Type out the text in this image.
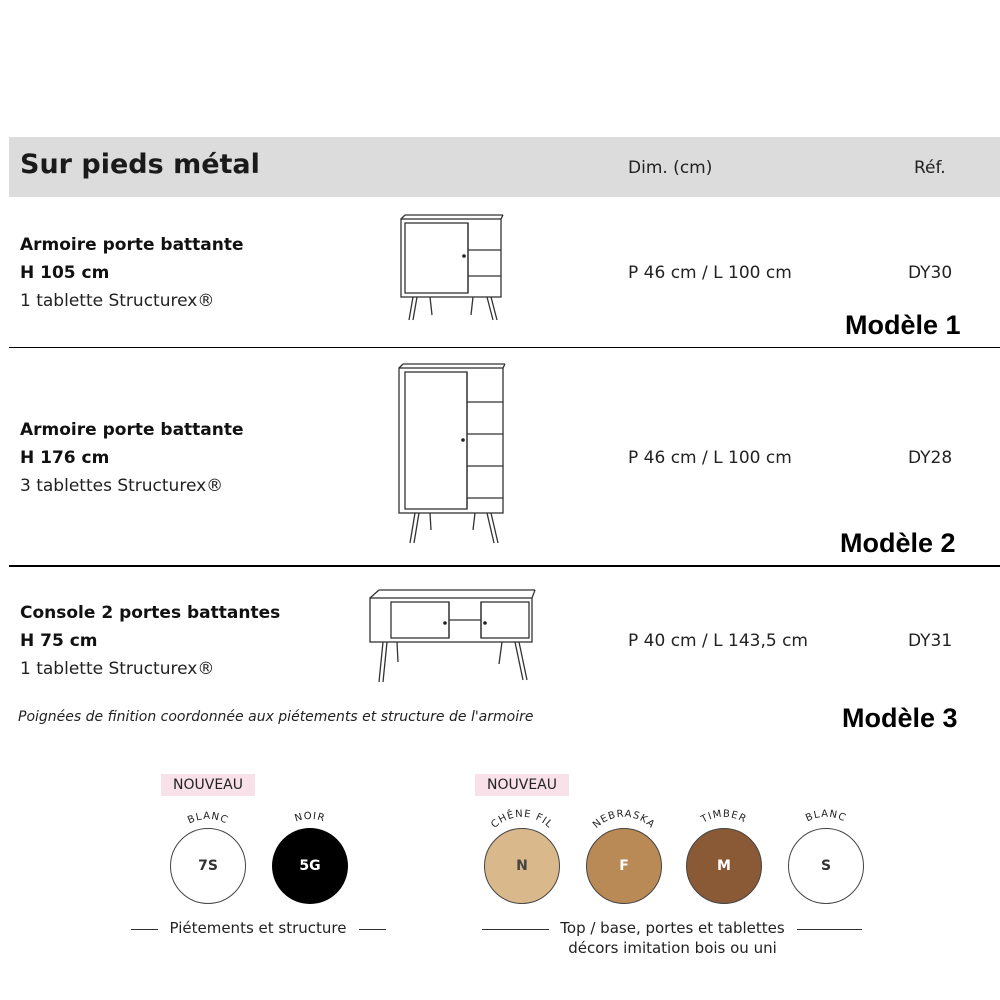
Sur pieds métal	Dim. (cm)	Réf.
Armoire porte battante
H 105 cm
1 tablette Structurex®
P 46 cm / L 100 cm	DY30
Modèle 1
Armoire porte battante
H 176 cm
3 tablettes Structurex®
P 46 cm / L 100 cm	DY28
Modèle 2
Console 2 portes battantes
H 75 cm
1 tablette Structurex®
P 40 cm / L 143,5 cm	DY31
Poignées de finition coordonnée aux piétements et structure de l'armoire	Modèle 3
NOUVEAU
BLANC	NOIR
7S	5G
Piétements et structure
NOUVEAU
CHÊNE FIL	NEBRASKA	TIMBER	BLANC
N	F	M	S
Top / base, portes et tablettes
décors imitation bois ou uni
